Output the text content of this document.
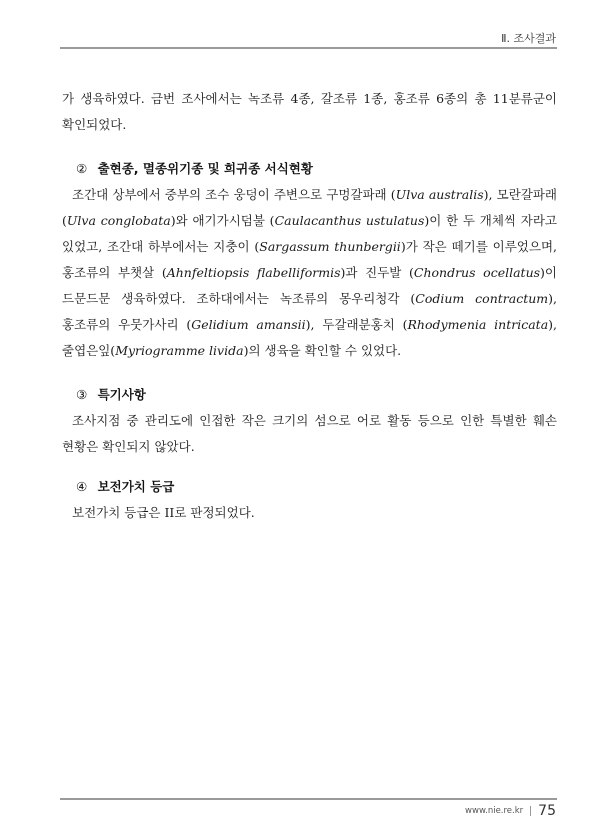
Ⅱ. 조사결과

가 생육하였다. 금번 조사에서는 녹조류 4종, 갈조류 1종, 홍조류 6종의 총 11분류군이 확인되었다.

② 출현종, 멸종위기종 및 희귀종 서식현황

조간대 상부에서 중부의 조수 웅덩이 주변으로 구멍갈파래 (Ulva australis), 모란갈파래 (Ulva conglobata)와 애기가시덤불 (Caulacanthus ustulatus)이 한 두 개체씩 자라고 있었고, 조간대 하부에서는 지충이 (Sargassum thunbergii)가 작은 떼기를 이루었으며, 홍조류의 부챗살 (Ahnfeltiopsis flabelliformis)과 진두발 (Chondrus ocellatus)이 드문드문 생육하였다. 조하대에서는 녹조류의 몽우리청각 (Codium contractum), 홍조류의 우뭇가사리 (Gelidium amansii), 두갈래분홍치 (Rhodymenia intricata), 줄엽은잎(Myriogramme livida)의 생육을 확인할 수 있었다.

③ 특기사항

조사지점 중 관리도에 인접한 작은 크기의 섬으로 어로 활동 등으로 인한 특별한 훼손 현황은 확인되지 않았다.

④ 보전가치 등급

보전가치 등급은 II로 판정되었다.

www.nie.re.kr 75
